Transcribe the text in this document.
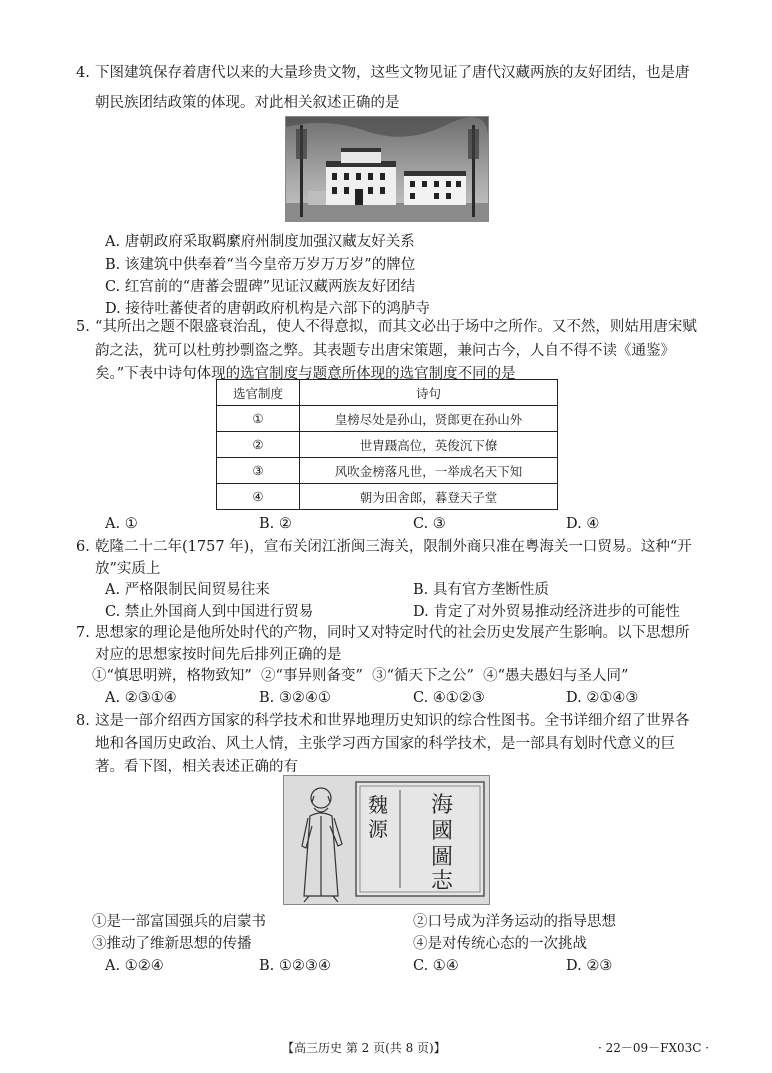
4. 下图建筑保存着唐代以来的大量珍贵文物，这些文物见证了唐代汉藏两族的友好团结，也是唐朝民族团结政策的体现。对此相关叙述正确的是

A. 唐朝政府采取羁縻府州制度加强汉藏友好关系
B. 该建筑中供奉着“当今皇帝万岁万万岁”的牌位
C. 红宫前的“唐蕃会盟碑”见证汉藏两族友好团结
D. 接待吐蕃使者的唐朝政府机构是六部下的鸿胪寺

5. “其所出之题不限盛衰治乱，使人不得意拟，而其文必出于场中之所作。又不然，则姑用唐宋赋韵之法，犹可以杜剪抄剽盗之弊。其表题专出唐宋策题，兼问古今，人自不得不读《通鉴》矣。”下表中诗句体现的选官制度与题意所体现的选官制度不同的是

选官制度	诗句
①	皇榜尽处是孙山，贤郎更在孙山外
②	世胄蹑高位，英俊沉下僚
③	风吹金榜落凡世，一举成名天下知
④	朝为田舍郎，暮登天子堂
A. ①	B. ②	C. ③	D. ④

6. 乾隆二十二年(1757 年)，宣布关闭江浙闽三海关，限制外商只准在粤海关一口贸易。这种“开放”实质上

A. 严格限制民间贸易往来	B. 具有官方垄断性质
C. 禁止外国商人到中国进行贸易	D. 肯定了对外贸易推动经济进步的可能性

7. 思想家的理论是他所处时代的产物，同时又对特定时代的社会历史发展产生影响。以下思想所对应的思想家按时间先后排列正确的是

①“慎思明辨，格物致知”  ②“事异则备变”  ③“循天下之公”  ④“愚夫愚妇与圣人同”
A. ②③①④	B. ③②④①	C. ④①②③	D. ②①④③

8. 这是一部介绍西方国家的科学技术和世界地理历史知识的综合性图书。全书详细介绍了世界各地和各国历史政治、风土人情，主张学习西方国家的科学技术，是一部具有划时代意义的巨著。看下图，相关表述正确的有

魏
源
海
國
圖
志
①是一部富国强兵的启蒙书	②口号成为洋务运动的指导思想
③推动了维新思想的传播	④是对传统心态的一次挑战
A. ①②④	B. ①②③④	C. ①④	D. ②③
【高三历史 第 2 页(共 8 页)】	· 22－09－FX03C ·
